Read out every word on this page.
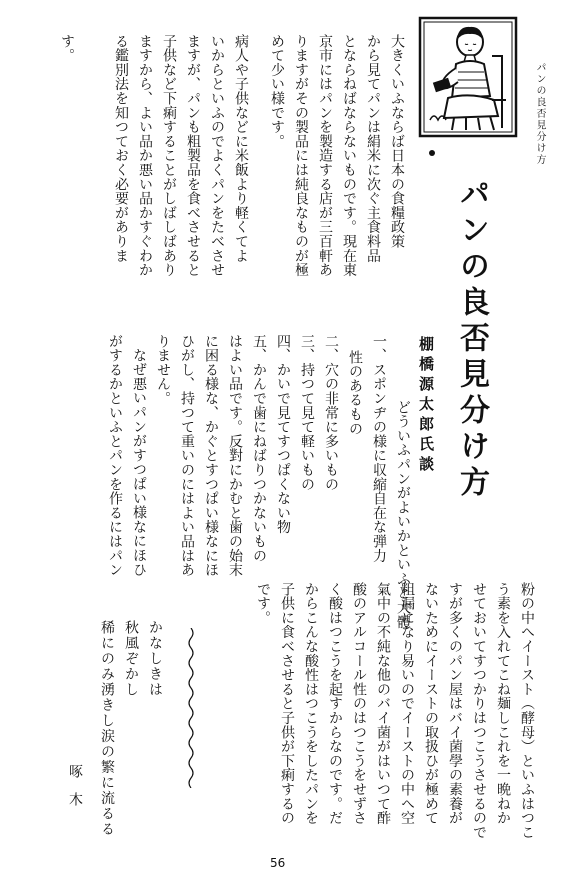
パンの良否見分け方
パンの良否見分け方
棚橋源太郎氏談
大きくいふならば日本の食糧政策
から見てパンは絹米に次ぐ主食料品
とならねばならないものです。現在東
京市にはパンを製造する店が三百軒あ
りますがその製品には純良なものが極
めて少い様です。
病人や子供などに米飯より軽くてよ
いからといふのでよくパンをたべさせ
ますが、パンも粗製品を食べさせると
子供など下痢することがしばしばあり
ますから、よい品か悪い品かすぐわか
る鑑別法を知つておく必要がありま
す。
どういふパンがよいかといふと大體
一、スポンヂの様に収縮自在な弾力
性のあるもの
二、穴の非常に多いもの
三、持つて見て軽いもの
四、かいで見てすつぱくない物
五、かんで歯にねばりつかないもの
はよい品です。反對にかむと歯の始末
に困る様な、かぐとすつぱい様なにほ
ひがし、持つて重いのにはよい品はあ
りません。
なぜ悪いパンがすつぱい様なにほひ
がするかといふとパンを作るにはパン
粉の中へイースト（酵母）といふはつこ
う素を入れてこね麺しこれを一晩ねか
せておいてすつかりはつこうさせるので
すが多くのパン屋はバイ菌學の素養が
ないためにイーストの取扱ひが極めて
粗漏になり易いのでイーストの中へ空
氣中の不純な他のバイ菌がはいつて酢
酸のアルコール性のはつこうをせずさ
く酸はつこうを起すからなのです。だ
からこんな酸性はつこうをしたパンを
子供に食べさせると子供が下痢するの
です。
かなしきは
秋風ぞかし
稀にのみ湧きし涙の繁に流るる
啄木
56
